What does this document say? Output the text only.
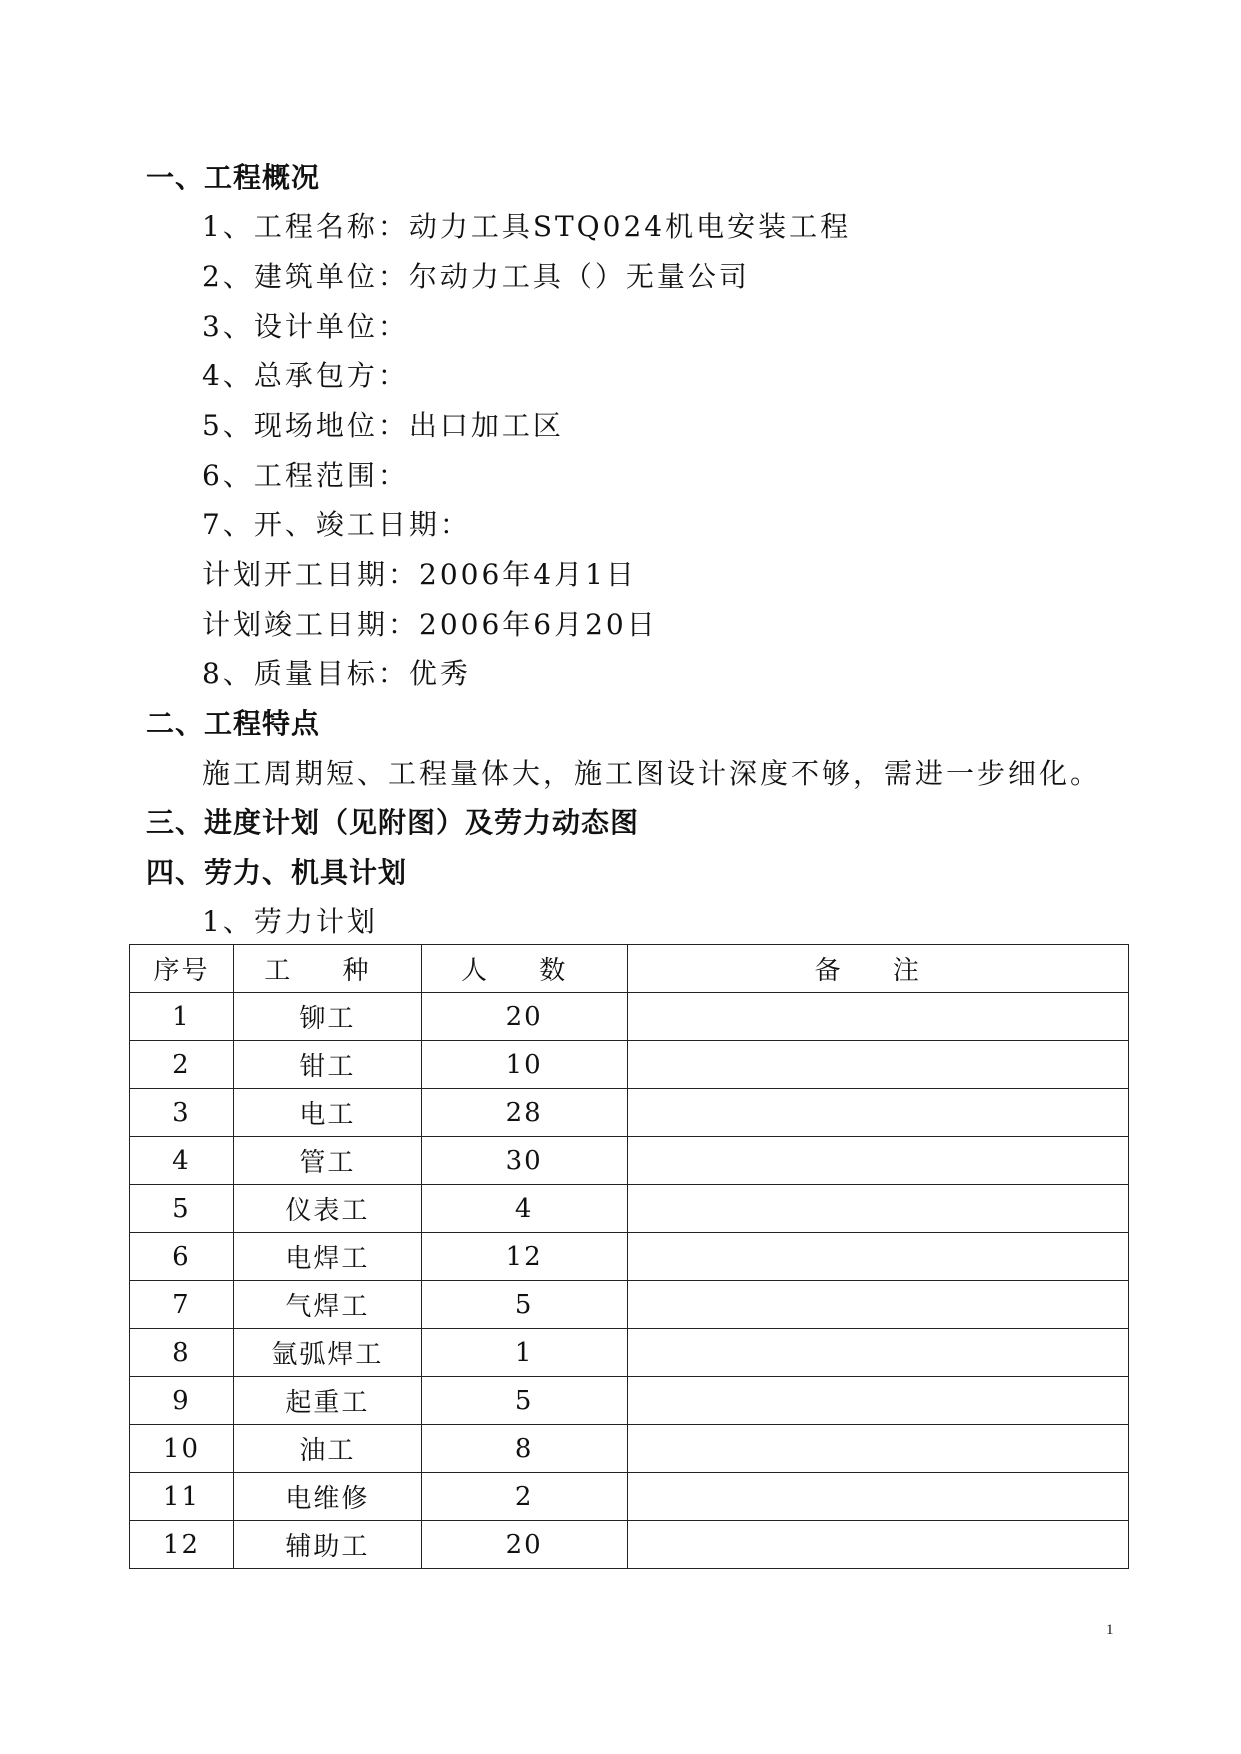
一、工程概况
1、工程名称：动力工具STQ024机电安装工程
2、建筑单位：尔动力工具（）无量公司
3、设计单位：
4、总承包方：
5、现场地位：出口加工区
6、工程范围：
7、开、竣工日期：
计划开工日期：2006年4月1日
计划竣工日期：2006年6月20日
8、质量目标：优秀
二、工程特点
施工周期短、工程量体大，施工图设计深度不够，需进一步细化。
三、进度计划（见附图）及劳力动态图
四、劳力、机具计划
1、劳力计划
序号	工 种	人 数	备 注
1	铆工	20	
2	钳工	10	
3	电工	28	
4	管工	30	
5	仪表工	4	
6	电焊工	12	
7	气焊工	5	
8	氩弧焊工	1	
9	起重工	5	
10	油工	8	
11	电维修	2	
12	辅助工	20	
1
